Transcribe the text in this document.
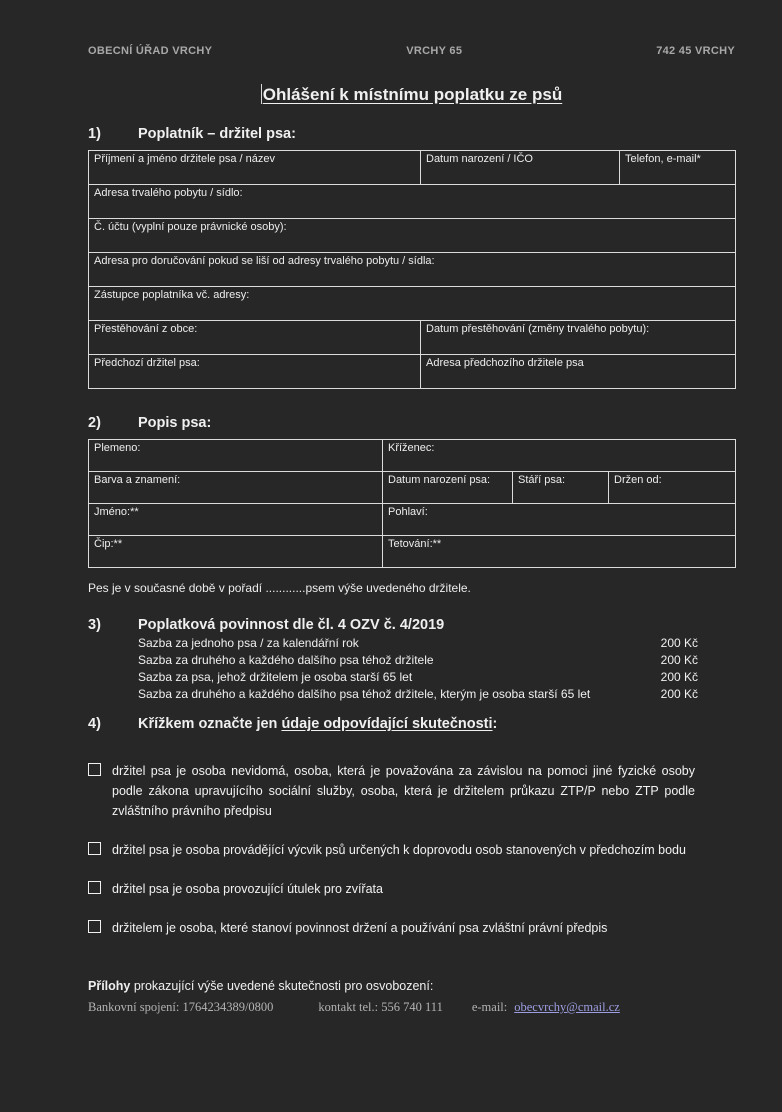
OBECNÍ ÚŘAD VRCHY	VRCHY 65	742 45 VRCHY
Ohlášení k místnímu poplatku ze psů
1)	Poplatník – držitel psa:
Příjmení a jméno držitele psa / název	Datum narození / IČO	Telefon, e-mail*
Adresa trvalého pobytu / sídlo:		
Č. účtu (vyplní pouze právnické osoby):		
Adresa pro doručování pokud se liší od adresy trvalého pobytu / sídla:		
Zástupce poplatníka vč. adresy:		
Přestěhování z obce:	Datum přestěhování (změny trvalého pobytu):	
Předchozí držitel psa:	Adresa předchozího držitele psa	
2)	Popis psa:
Plemeno:	Kříženec:		
Barva a znamení:	Datum narození psa:	Stáří psa:	Držen od:
Jméno:**	Pohlaví:		
Čip:**	Tetování:**		

Pes je v současné době v pořadí ............psem výše uvedeného držitele.

3)	Poplatková povinnost dle čl. 4 OZV č. 4/2019
Sazba za jednoho psa / za kalendářní rok	200 Kč
Sazba za druhého a každého dalšího psa téhož držitele	200 Kč
Sazba za psa, jehož držitelem je osoba starší 65 let	200 Kč
Sazba za druhého a každého dalšího psa téhož držitele, kterým je osoba starší 65 let	200 Kč
4)	Křížkem označte jen údaje odpovídající skutečnosti:
držitel psa je osoba nevidomá, osoba, která je považována za závislou na pomoci jiné fyzické osoby podle zákona upravujícího sociální služby, osoba, která je držitelem průkazu ZTP/P nebo ZTP podle zvláštního právního předpisu
držitel psa je osoba provádějící výcvik psů určených k doprovodu osob stanovených v předchozím bodu
držitel psa je osoba provozující útulek pro zvířata
držitelem je osoba, které stanoví povinnost držení a používání psa zvláštní právní předpis

Přílohy prokazující výše uvedené skutečnosti pro osvobození:

Bankovní spojení: 1764234389/0800	kontakt tel.: 556 740 111 e-mail: obecvrchy@cmail.cz
